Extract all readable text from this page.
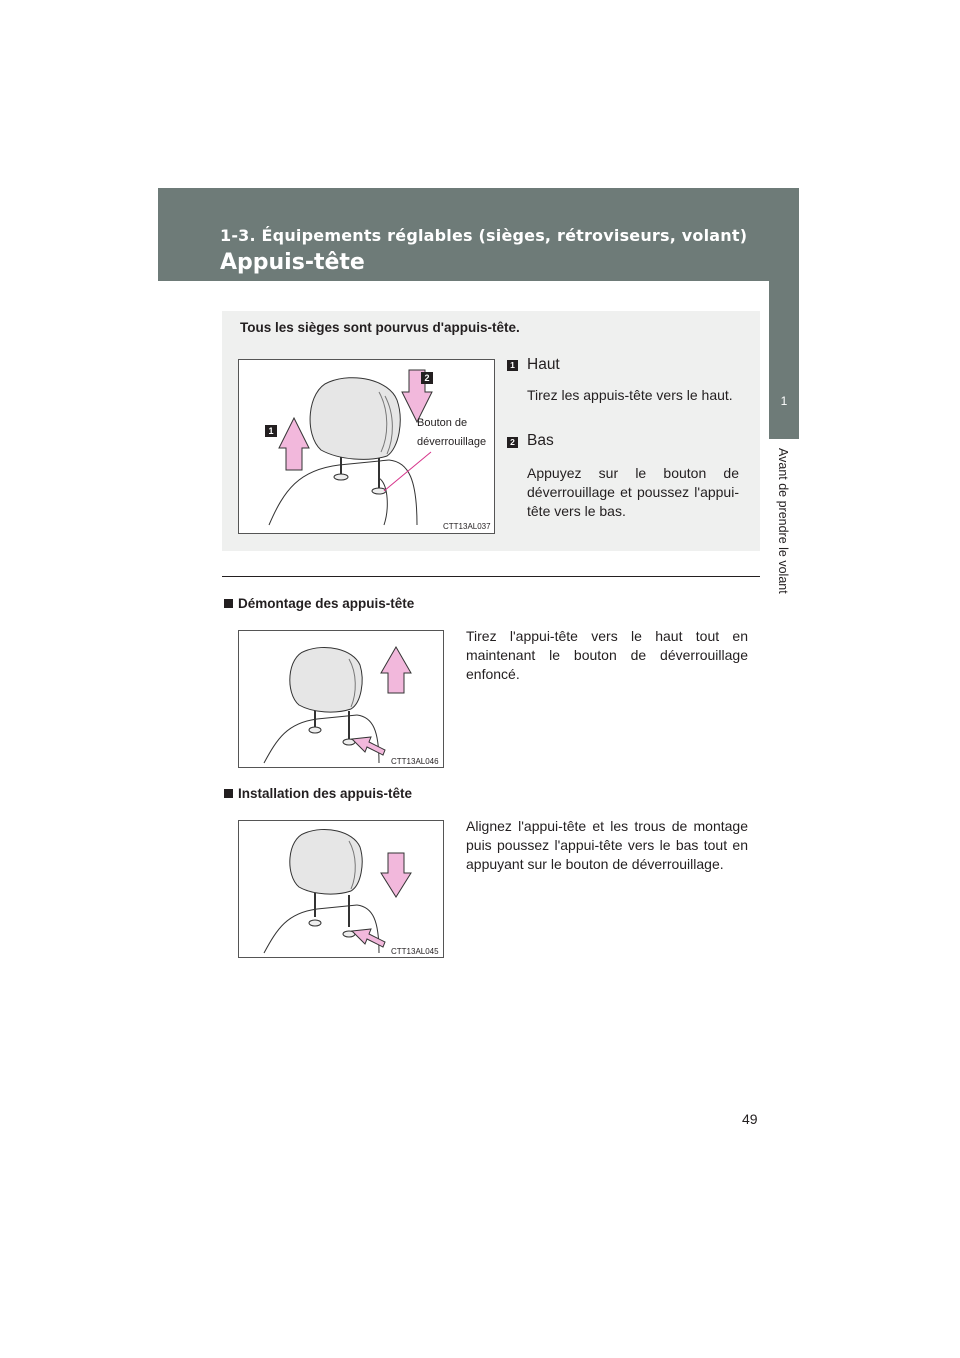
1-3. Équipements réglables (sièges, rétroviseurs, volant)
Appuis-tête
1
Avant de prendre le volant
Tous les sièges sont pourvus d'appuis-tête.
1
2
Bouton de
déverrouillage
CTT13AL037
1 Haut
Tirez les appuis-tête vers le haut.
2 Bas
Appuyez sur le bouton de déverrouillage et poussez l'appui-tête vers le bas.
Démontage des appuis-tête
CTT13AL046
Tirez l'appui-tête vers le haut tout en maintenant le bouton de déverrouillage enfoncé.
Installation des appuis-tête
CTT13AL045
Alignez l'appui-tête et les trous de montage puis poussez l'appui-tête vers le bas tout en appuyant sur le bouton de déverrouillage.
49
